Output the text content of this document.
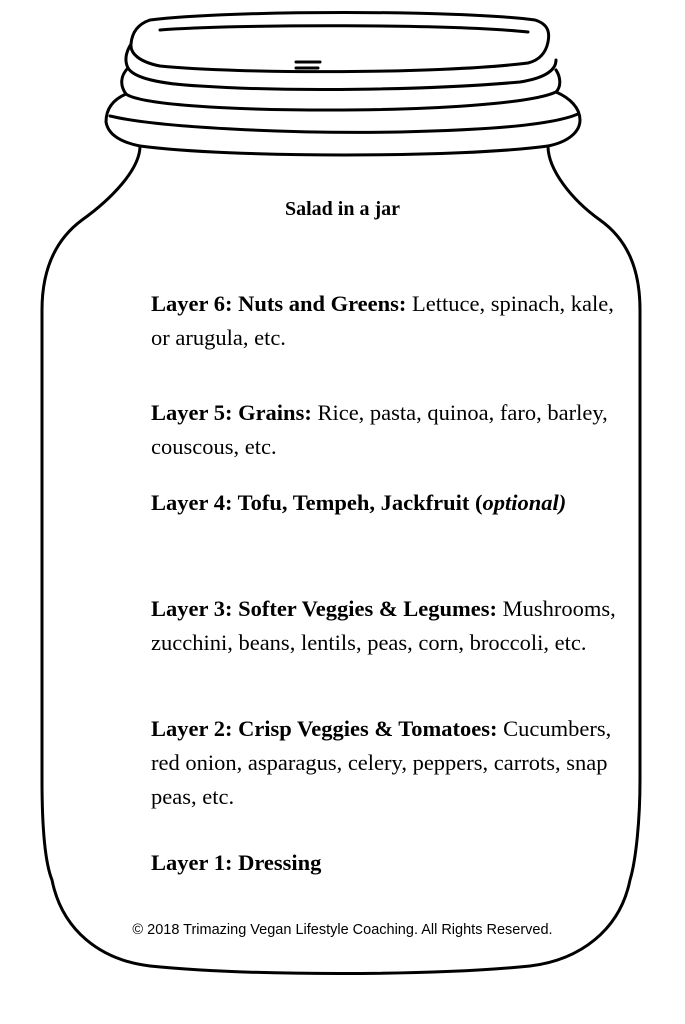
Salad in a jar

Layer 6: Nuts and Greens: Lettuce, spinach, kale, or arugula, etc.

Layer 5: Grains: Rice, pasta, quinoa, faro, barley, couscous, etc.

Layer 4: Tofu, Tempeh, Jackfruit (optional)

Layer 3: Softer Veggies & Legumes: Mushrooms, zucchini, beans, lentils, peas, corn, broccoli, etc.

Layer 2: Crisp Veggies & Tomatoes: Cucumbers, red onion, asparagus, celery, peppers, carrots, snap peas, etc.

Layer 1: Dressing

© 2018 Trimazing Vegan Lifestyle Coaching. All Rights Reserved.
